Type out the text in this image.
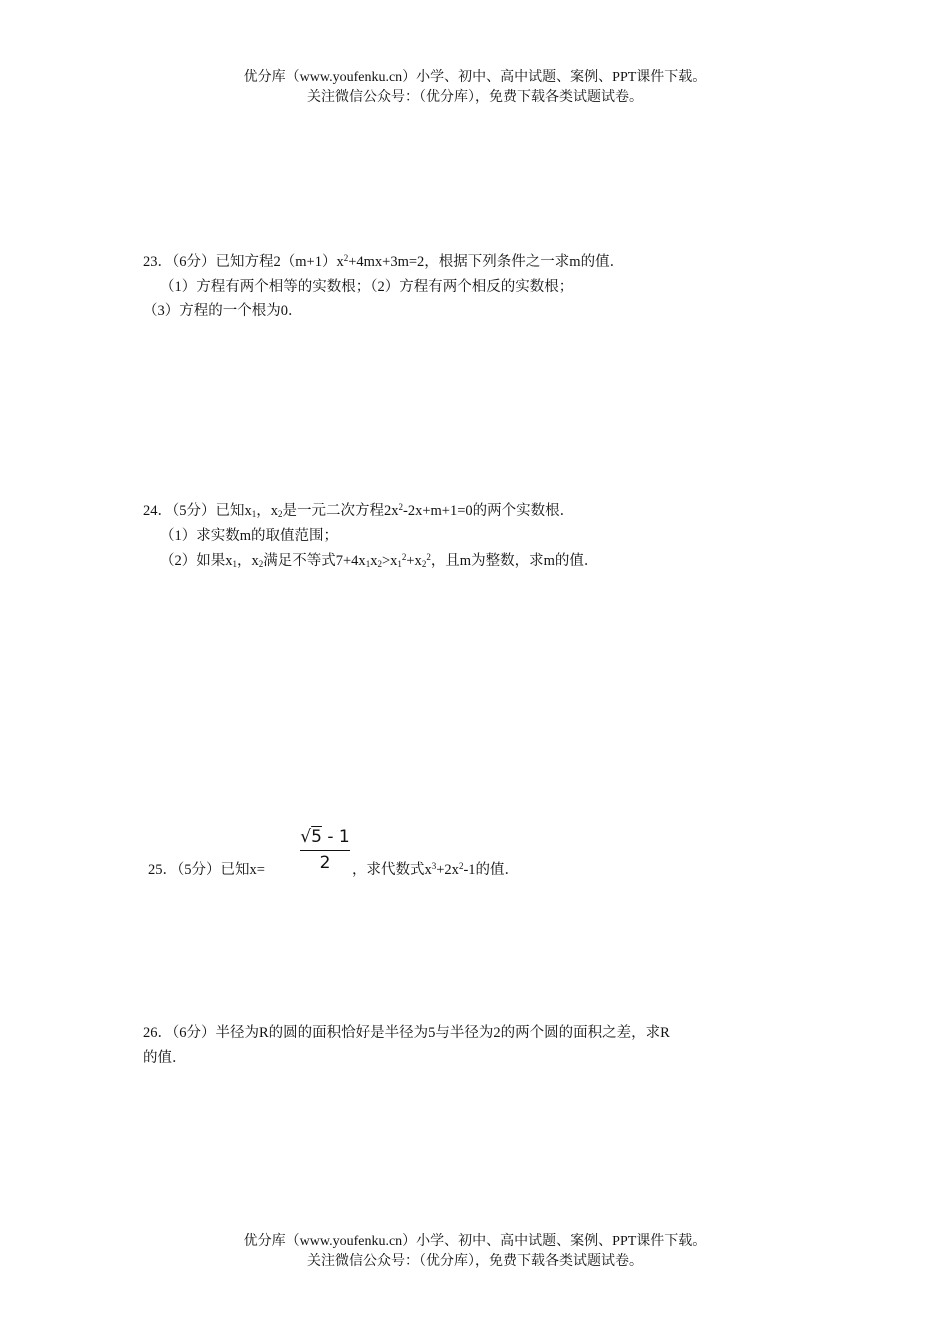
优分库（www.youfenku.cn）小学、初中、高中试题、案例、PPT课件下载。
关注微信公众号：（优分库），免费下载各类试题试卷。
23．（6分）已知方程$2(m+1)x^2+4mx+3m=2$，根据下列条件之一求m的值．
（1）方程有两个相等的实数根；（2）方程有两个相反的实数根；
（3）方程的一个根为0．
24．（5分）已知$x_1$，$x_2$是一元二次方程$2x^2-2x+m+1=0$的两个实数根．
（1）求实数m的取值范围；
（2）如果$x_1$，$x_2$满足不等式$7+4x_1x_2>x_1^2+x_2^2$，且m为整数，求m的值．
$\frac{√5 - 1}{2}$
25．（5分）已知x=	，求代数式$x^3+2x^2-1$的值．
26．（6分）半径为R的圆的面积恰好是半径为5与半径为2的两个圆的面积之差，求R
的值．
优分库（www.youfenku.cn）小学、初中、高中试题、案例、PPT课件下载。
关注微信公众号：（优分库），免费下载各类试题试卷。
